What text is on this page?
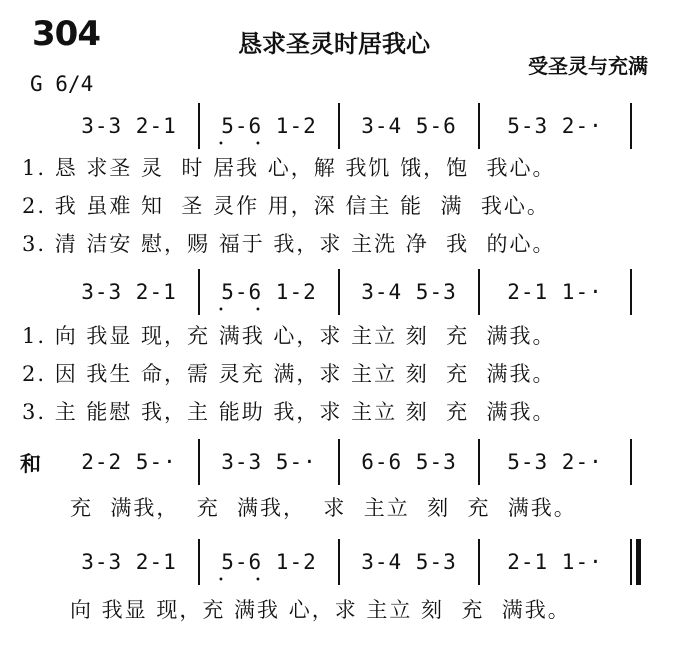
304	恳求圣灵时居我心
受圣灵与充满
G 6/4
3-3 2-1	5-6 1-2	3-4 5-6	5-3 2-·
•	•
1. 恳 求圣 灵  时 居我 心，解 我饥 饿，饱  我心。
2. 我 虽难 知  圣 灵作 用，深 信主 能  满  我心。
3. 清 洁安 慰，赐 福于 我，求 主洗 净  我  的心。
3-3 2-1	5-6 1-2	3-4 5-3	2-1 1-·
•	•
1. 向 我显 现，充 满我 心，求 主立 刻  充  满我。
2. 因 我生 命，需 灵充 满，求 主立 刻  充  满我。
3. 主 能慰 我，主 能助 我，求 主立 刻  充  满我。
和	2-2 5-·	3-3 5-·	6-6 5-3	5-3 2-·
充  满我，  充  满我，  求  主立  刻  充  满我。
3-3 2-1	5-6 1-2	3-4 5-3	2-1 1-·
•	•
向 我显 现，充 满我 心，求 主立 刻  充  满我。
